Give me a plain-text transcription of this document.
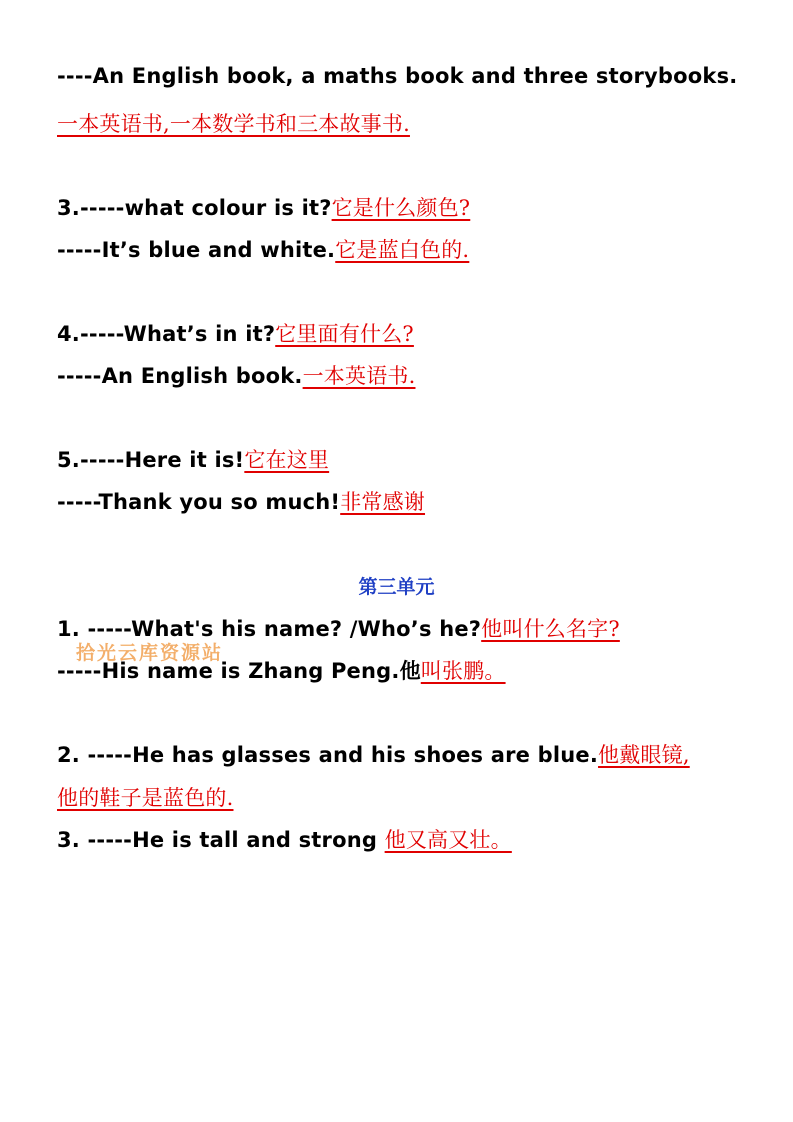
----An English book, a maths book and three storybooks.
一本英语书,一本数学书和三本故事书.
3.-----what colour is it?它是什么颜色?
-----It’s blue and white.它是蓝白色的.
4.-----What’s in it?它里面有什么?
-----An English book.一本英语书.
5.-----Here it is!它在这里
-----Thank you so much!非常感谢
第三单元
1. -----What's his name? /Who’s he?他叫什么名字?
拾光云库资源站
-----His name is Zhang Peng.他叫张鹏。
2. -----He has glasses and his shoes are blue.他戴眼镜,
他的鞋子是蓝色的.
3. -----He is tall and strong 他又高又壮。
